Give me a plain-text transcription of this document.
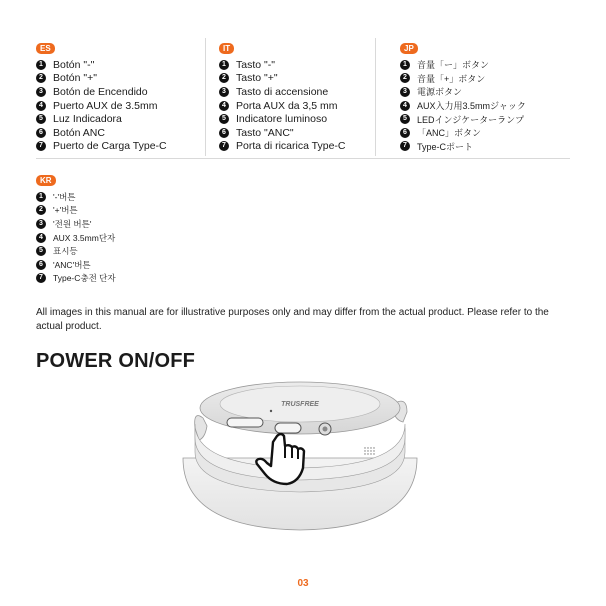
ES
1 Botón "-"
2 Botón "+"
3 Botón de Encendido
4 Puerto AUX de 3.5mm
5 Luz Indicadora
6 Botón ANC
7 Puerto de Carga Type-C
IT
1 Tasto "-"
2 Tasto "+"
3 Tasto di accensione
4 Porta AUX da 3,5 mm
5 Indicatore luminoso
6 Tasto "ANC"
7 Porta di ricarica Type-C
JP
1	音量「ー」ボタン
2	音量「+」ボタン
3	電源ボタン
4	AUX入力用3.5mmジャック
5	LEDインジケーターランプ
6	「ANC」ボタン
7	Type-Cポート
KR
1	'-'버튼
2	'+'버튼
3	'전원 버튼'
4	AUX 3.5mm단자
5	표시등
6	'ANC'버튼
7	Type-C충전 단자

All images in this manual are for illustrative purposes only and may differ from the actual product. Please refer to the actual product.

POWER ON/OFF
TRUSFREE
03
